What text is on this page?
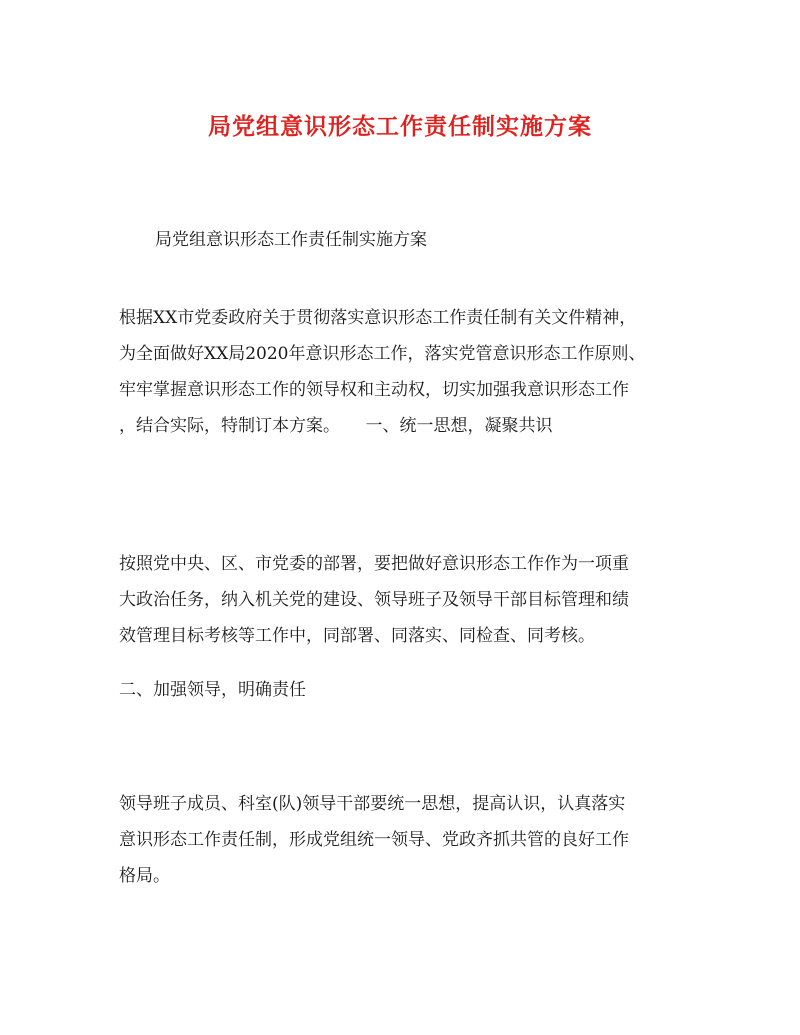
局党组意识形态工作责任制实施方案
局党组意识形态工作责任制实施方案
根据XX市党委政府关于贯彻落实意识形态工作责任制有关文件精神，
为全面做好XX局2020年意识形态工作，落实党管意识形态工作原则、
牢牢掌握意识形态工作的领导权和主动权，切实加强我意识形态工作
，结合实际，特制订本方案。　　一、统一思想，凝聚共识
按照党中央、区、市党委的部署，要把做好意识形态工作作为一项重
大政治任务，纳入机关党的建设、领导班子及领导干部目标管理和绩
效管理目标考核等工作中，同部署、同落实、同检查、同考核。
二、加强领导，明确责任
领导班子成员、科室(队)领导干部要统一思想，提高认识，认真落实
意识形态工作责任制，形成党组统一领导、党政齐抓共管的良好工作
格局。
